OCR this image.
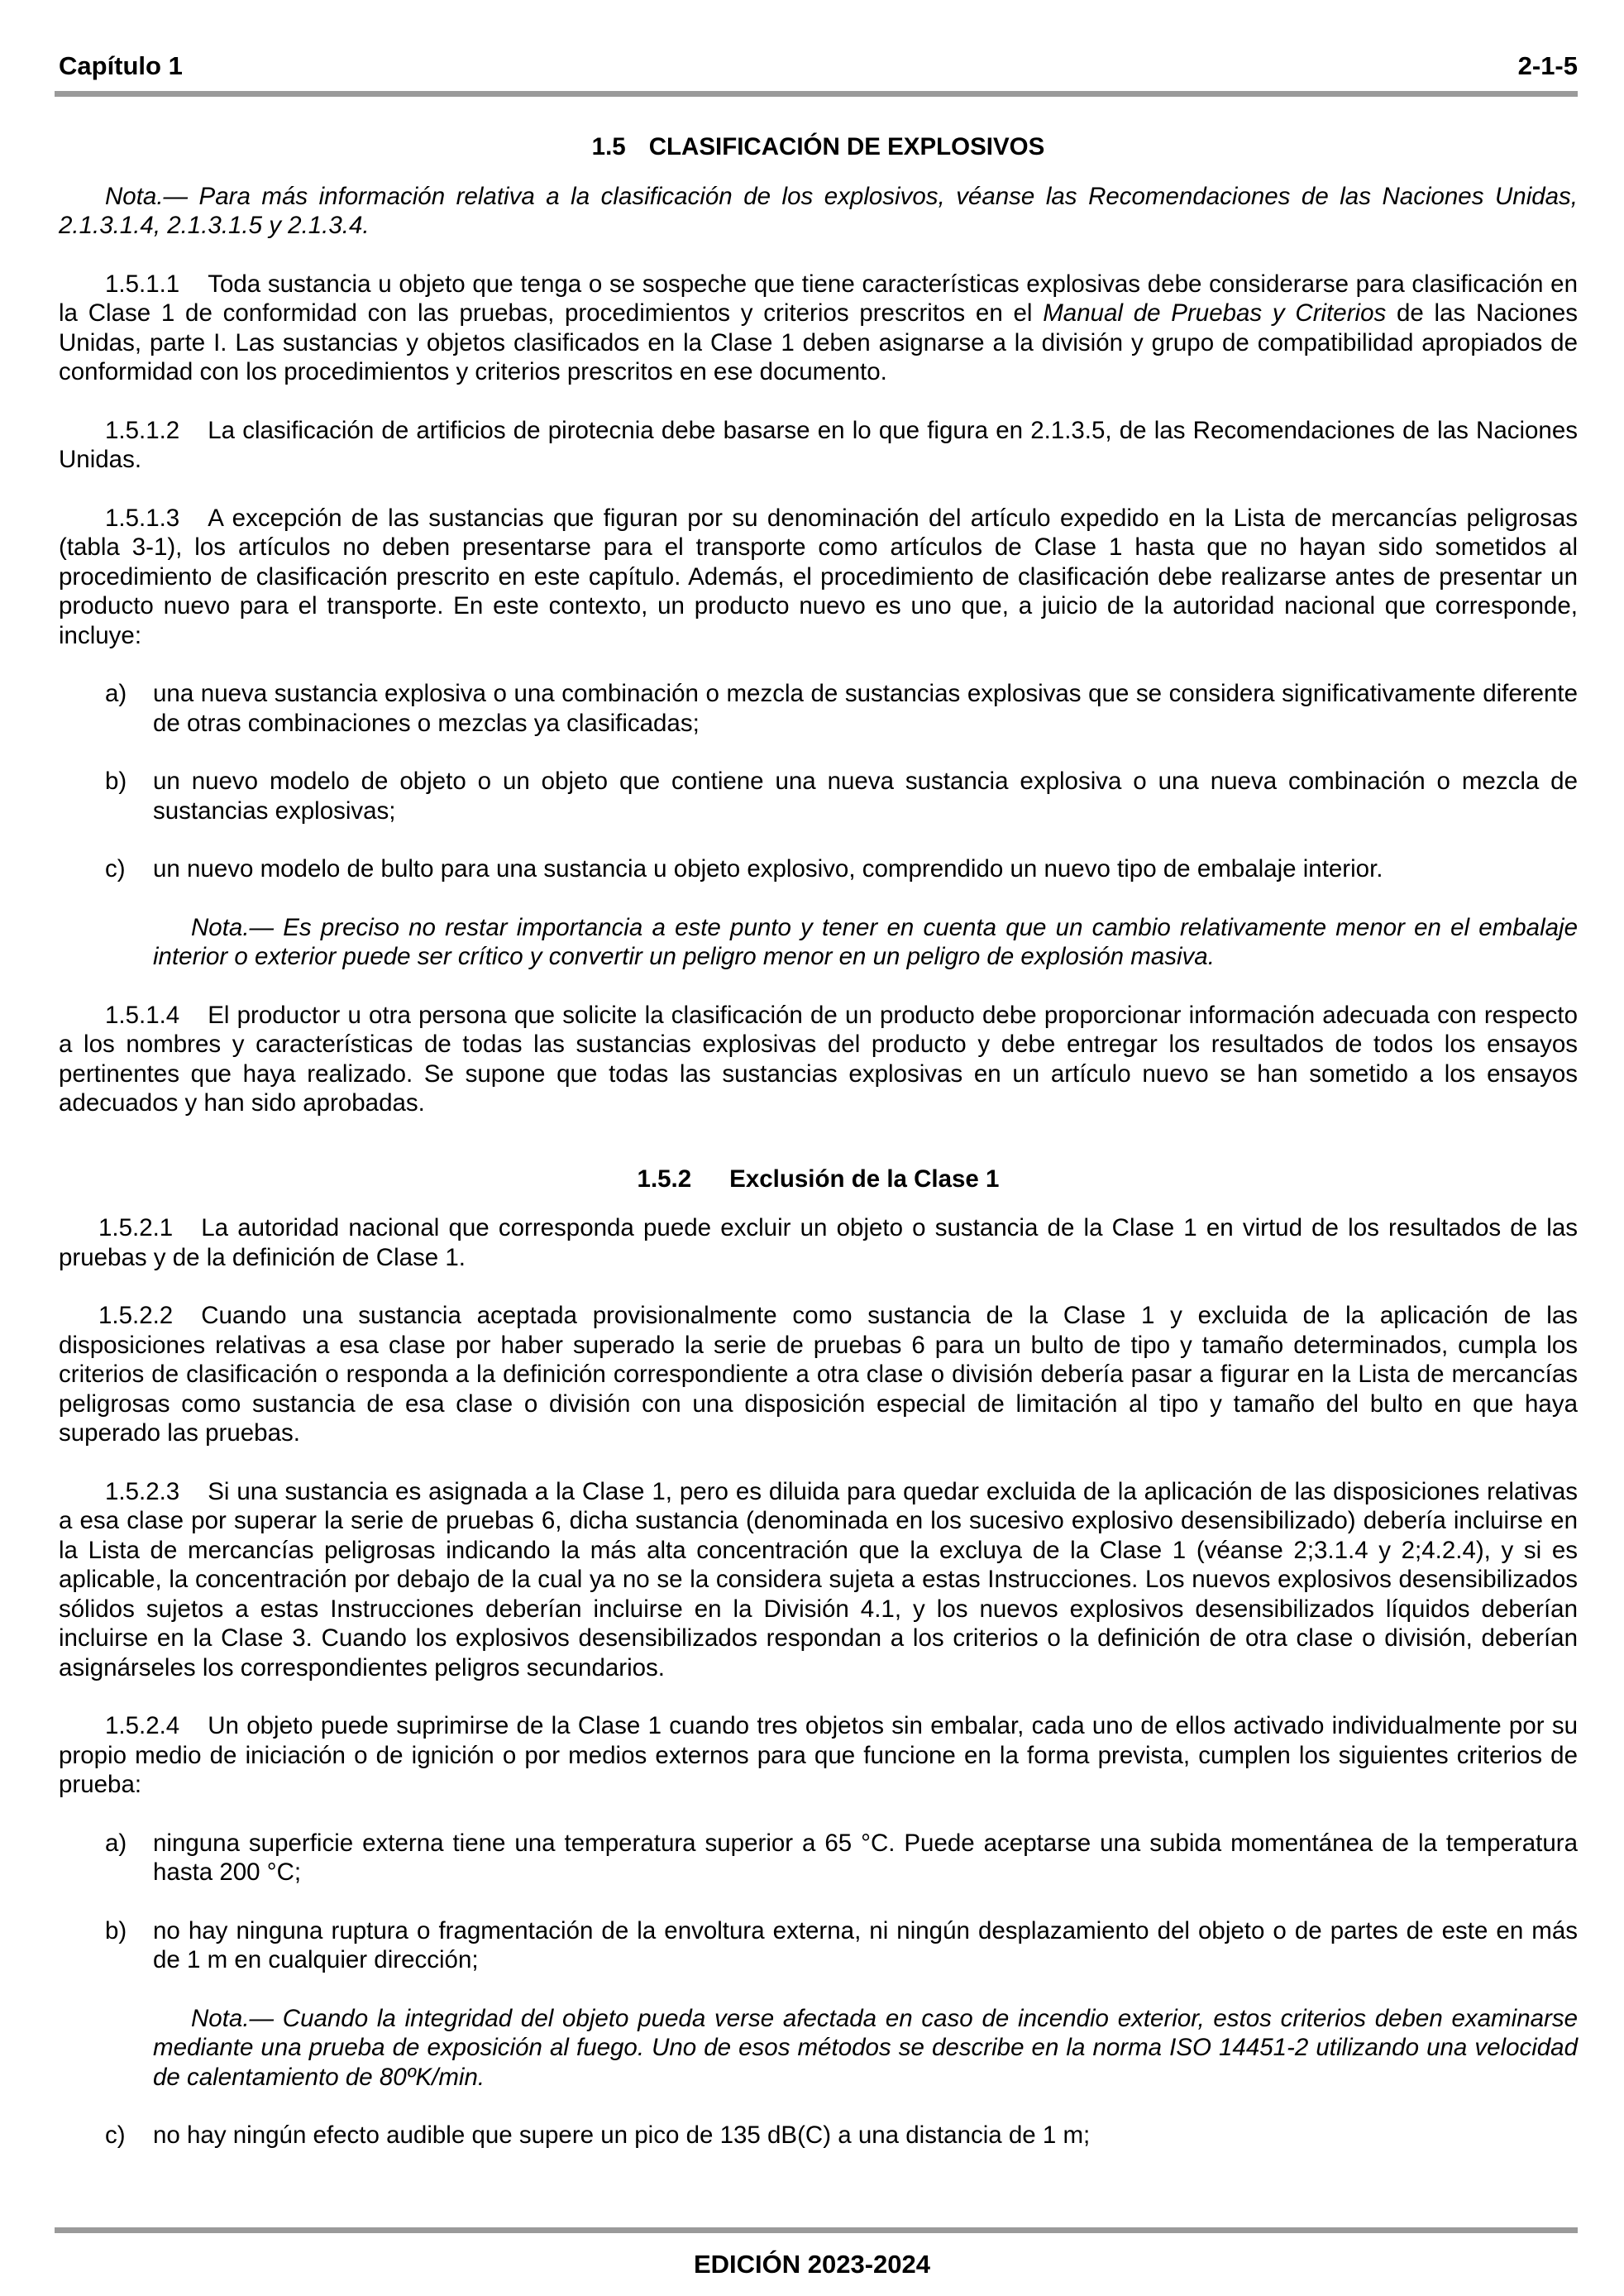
Capítulo 1	2-1-5
1.5 CLASIFICACIÓN DE EXPLOSIVOS

Nota.— Para más información relativa a la clasificación de los explosivos, véanse las Recomendaciones de las Naciones Unidas, 2.1.3.1.4, 2.1.3.1.5 y 2.1.3.4.

1.5.1.1 Toda sustancia u objeto que tenga o se sospeche que tiene características explosivas debe considerarse para clasificación en la Clase 1 de conformidad con las pruebas, procedimientos y criterios prescritos en el Manual de Pruebas y Criterios de las Naciones Unidas, parte I. Las sustancias y objetos clasificados en la Clase 1 deben asignarse a la división y grupo de compatibilidad apropiados de conformidad con los procedimientos y criterios prescritos en ese documento.

1.5.1.2 La clasificación de artificios de pirotecnia debe basarse en lo que figura en 2.1.3.5, de las Recomendaciones de las Naciones Unidas.

1.5.1.3 A excepción de las sustancias que figuran por su denominación del artículo expedido en la Lista de mercancías peligrosas (tabla 3-1), los artículos no deben presentarse para el transporte como artículos de Clase 1 hasta que no hayan sido sometidos al procedimiento de clasificación prescrito en este capítulo. Además, el procedimiento de clasificación debe realizarse antes de presentar un producto nuevo para el transporte. En este contexto, un producto nuevo es uno que, a juicio de la autoridad nacional que corresponde, incluye:

a) una nueva sustancia explosiva o una combinación o mezcla de sustancias explosivas que se considera significativamente diferente de otras combinaciones o mezclas ya clasificadas;
b) un nuevo modelo de objeto o un objeto que contiene una nueva sustancia explosiva o una nueva combinación o mezcla de sustancias explosivas;
c) un nuevo modelo de bulto para una sustancia u objeto explosivo, comprendido un nuevo tipo de embalaje interior.

Nota.— Es preciso no restar importancia a este punto y tener en cuenta que un cambio relativamente menor en el embalaje interior o exterior puede ser crítico y convertir un peligro menor en un peligro de explosión masiva.

1.5.1.4 El productor u otra persona que solicite la clasificación de un producto debe proporcionar información adecuada con respecto a los nombres y características de todas las sustancias explosivas del producto y debe entregar los resultados de todos los ensayos pertinentes que haya realizado. Se supone que todas las sustancias explosivas en un artículo nuevo se han sometido a los ensayos adecuados y han sido aprobadas.

1.5.2 Exclusión de la Clase 1

1.5.2.1 La autoridad nacional que corresponda puede excluir un objeto o sustancia de la Clase 1 en virtud de los resultados de las pruebas y de la definición de Clase 1.

1.5.2.2 Cuando una sustancia aceptada provisionalmente como sustancia de la Clase 1 y excluida de la aplicación de las disposiciones relativas a esa clase por haber superado la serie de pruebas 6 para un bulto de tipo y tamaño determinados, cumpla los criterios de clasificación o responda a la definición correspondiente a otra clase o división debería pasar a figurar en la Lista de mercancías peligrosas como sustancia de esa clase o división con una disposición especial de limitación al tipo y tamaño del bulto en que haya superado las pruebas.

1.5.2.3 Si una sustancia es asignada a la Clase 1, pero es diluida para quedar excluida de la aplicación de las disposiciones relativas a esa clase por superar la serie de pruebas 6, dicha sustancia (denominada en los sucesivo explosivo desensibilizado) debería incluirse en la Lista de mercancías peligrosas indicando la más alta concentración que la excluya de la Clase 1 (véanse 2;3.1.4 y 2;4.2.4), y si es aplicable, la concentración por debajo de la cual ya no se la considera sujeta a estas Instrucciones. Los nuevos explosivos desensibilizados sólidos sujetos a estas Instrucciones deberían incluirse en la División 4.1, y los nuevos explosivos desensibilizados líquidos deberían incluirse en la Clase 3. Cuando los explosivos desensibilizados respondan a los criterios o la definición de otra clase o división, deberían asignárseles los correspondientes peligros secundarios.

1.5.2.4 Un objeto puede suprimirse de la Clase 1 cuando tres objetos sin embalar, cada uno de ellos activado individualmente por su propio medio de iniciación o de ignición o por medios externos para que funcione en la forma prevista, cumplen los siguientes criterios de prueba:

a) ninguna superficie externa tiene una temperatura superior a 65 °C. Puede aceptarse una subida momentánea de la temperatura hasta 200 °C;
b) no hay ninguna ruptura o fragmentación de la envoltura externa, ni ningún desplazamiento del objeto o de partes de este en más de 1 m en cualquier dirección;

Nota.— Cuando la integridad del objeto pueda verse afectada en caso de incendio exterior, estos criterios deben examinarse mediante una prueba de exposición al fuego. Uno de esos métodos se describe en la norma ISO 14451-2 utilizando una velocidad de calentamiento de 80ºK/min.

c) no hay ningún efecto audible que supere un pico de 135 dB(C) a una distancia de 1 m;
EDICIÓN 2023-2024
